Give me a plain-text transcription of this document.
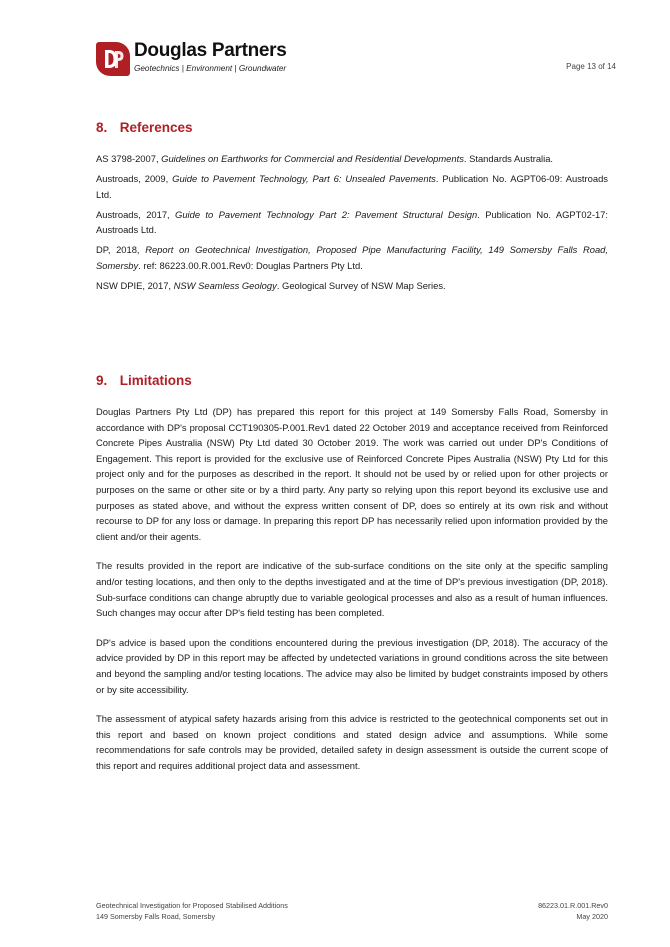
Douglas Partners
Geotechnics | Environment | Groundwater	Page 13 of 14
8. References

AS 3798-2007, Guidelines on Earthworks for Commercial and Residential Developments. Standards Australia.

Austroads, 2009, Guide to Pavement Technology, Part 6: Unsealed Pavements. Publication No. AGPT06-09: Austroads Ltd.

Austroads, 2017, Guide to Pavement Technology Part 2: Pavement Structural Design. Publication No. AGPT02-17: Austroads Ltd.

DP, 2018, Report on Geotechnical Investigation, Proposed Pipe Manufacturing Facility, 149 Somersby Falls Road, Somersby. ref: 86223.00.R.001.Rev0: Douglas Partners Pty Ltd.

NSW DPIE, 2017, NSW Seamless Geology. Geological Survey of NSW Map Series.

9. Limitations

Douglas Partners Pty Ltd (DP) has prepared this report for this project at 149 Somersby Falls Road, Somersby in accordance with DP's proposal CCT190305-P.001.Rev1 dated 22 October 2019 and acceptance received from Reinforced Concrete Pipes Australia (NSW) Pty Ltd dated 30 October 2019. The work was carried out under DP's Conditions of Engagement. This report is provided for the exclusive use of Reinforced Concrete Pipes Australia (NSW) Pty Ltd for this project only and for the purposes as described in the report. It should not be used by or relied upon for other projects or purposes on the same or other site or by a third party. Any party so relying upon this report beyond its exclusive use and purposes as stated above, and without the express written consent of DP, does so entirely at its own risk and without recourse to DP for any loss or damage. In preparing this report DP has necessarily relied upon information provided by the client and/or their agents.

The results provided in the report are indicative of the sub-surface conditions on the site only at the specific sampling and/or testing locations, and then only to the depths investigated and at the time of DP's previous investigation (DP, 2018). Sub-surface conditions can change abruptly due to variable geological processes and also as a result of human influences. Such changes may occur after DP's field testing has been completed.

DP's advice is based upon the conditions encountered during the previous investigation (DP, 2018). The accuracy of the advice provided by DP in this report may be affected by undetected variations in ground conditions across the site between and beyond the sampling and/or testing locations. The advice may also be limited by budget constraints imposed by others or by site accessibility.

The assessment of atypical safety hazards arising from this advice is restricted to the geotechnical components set out in this report and based on known project conditions and stated design advice and assumptions. While some recommendations for safe controls may be provided, detailed safety in design assessment is outside the current scope of this report and requires additional project data and assessment.

Geotechnical Investigation for Proposed Stabilised Additions
149 Somersby Falls Road, Somersby
86223.01.R.001.Rev0
May 2020
